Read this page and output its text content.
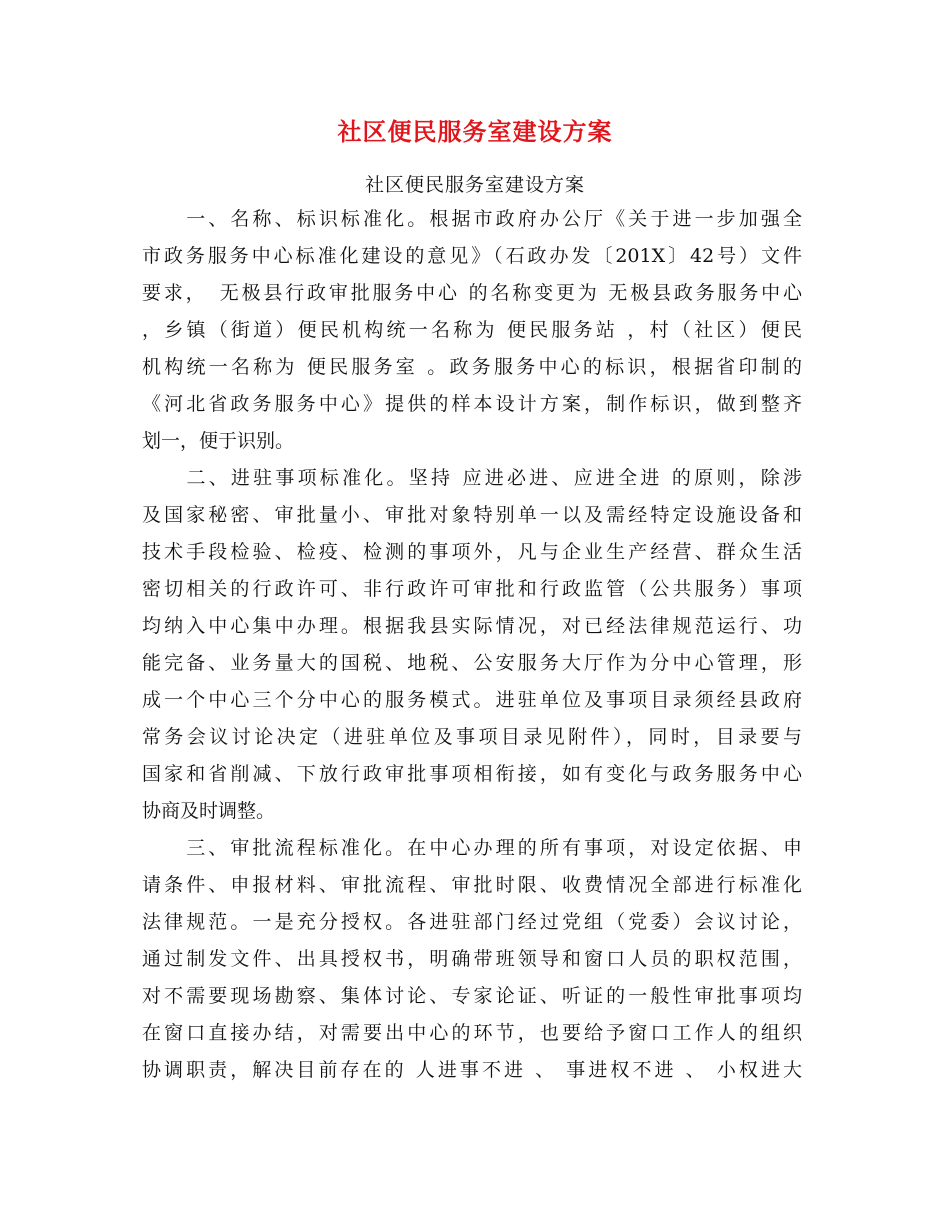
社区便民服务室建设方案
社区便民服务室建设方案
　　一、名称、标识标准化。根据市政府办公厅《关于进一步加强全
市政务服务中心标准化建设的意见》（石政办发〔201X〕42号）文件
要求，　无极县行政审批服务中心 的名称变更为 无极县政务服务中心
，乡镇（街道）便民机构统一名称为 便民服务站 ，村（社区）便民
机构统一名称为 便民服务室 。政务服务中心的标识，根据省印制的
《河北省政务服务中心》提供的样本设计方案，制作标识，做到整齐
划一，便于识别。
　　二、进驻事项标准化。坚持 应进必进、应进全进 的原则，除涉
及国家秘密、审批量小、审批对象特别单一以及需经特定设施设备和
技术手段检验、检疫、检测的事项外，凡与企业生产经营、群众生活
密切相关的行政许可、非行政许可审批和行政监管（公共服务）事项
均纳入中心集中办理。根据我县实际情况，对已经法律规范运行、功
能完备、业务量大的国税、地税、公安服务大厅作为分中心管理，形
成一个中心三个分中心的服务模式。进驻单位及事项目录须经县政府
常务会议讨论决定（进驻单位及事项目录见附件），同时，目录要与
国家和省削减、下放行政审批事项相衔接，如有变化与政务服务中心
协商及时调整。
　　三、审批流程标准化。在中心办理的所有事项，对设定依据、申
请条件、申报材料、审批流程、审批时限、收费情况全部进行标准化
法律规范。一是充分授权。各进驻部门经过党组（党委）会议讨论，
通过制发文件、出具授权书，明确带班领导和窗口人员的职权范围，
对不需要现场勘察、集体讨论、专家论证、听证的一般性审批事项均
在窗口直接办结，对需要出中心的环节，也要给予窗口工作人的组织
协调职责，解决目前存在的 人进事不进 、 事进权不进 、 小权进大
